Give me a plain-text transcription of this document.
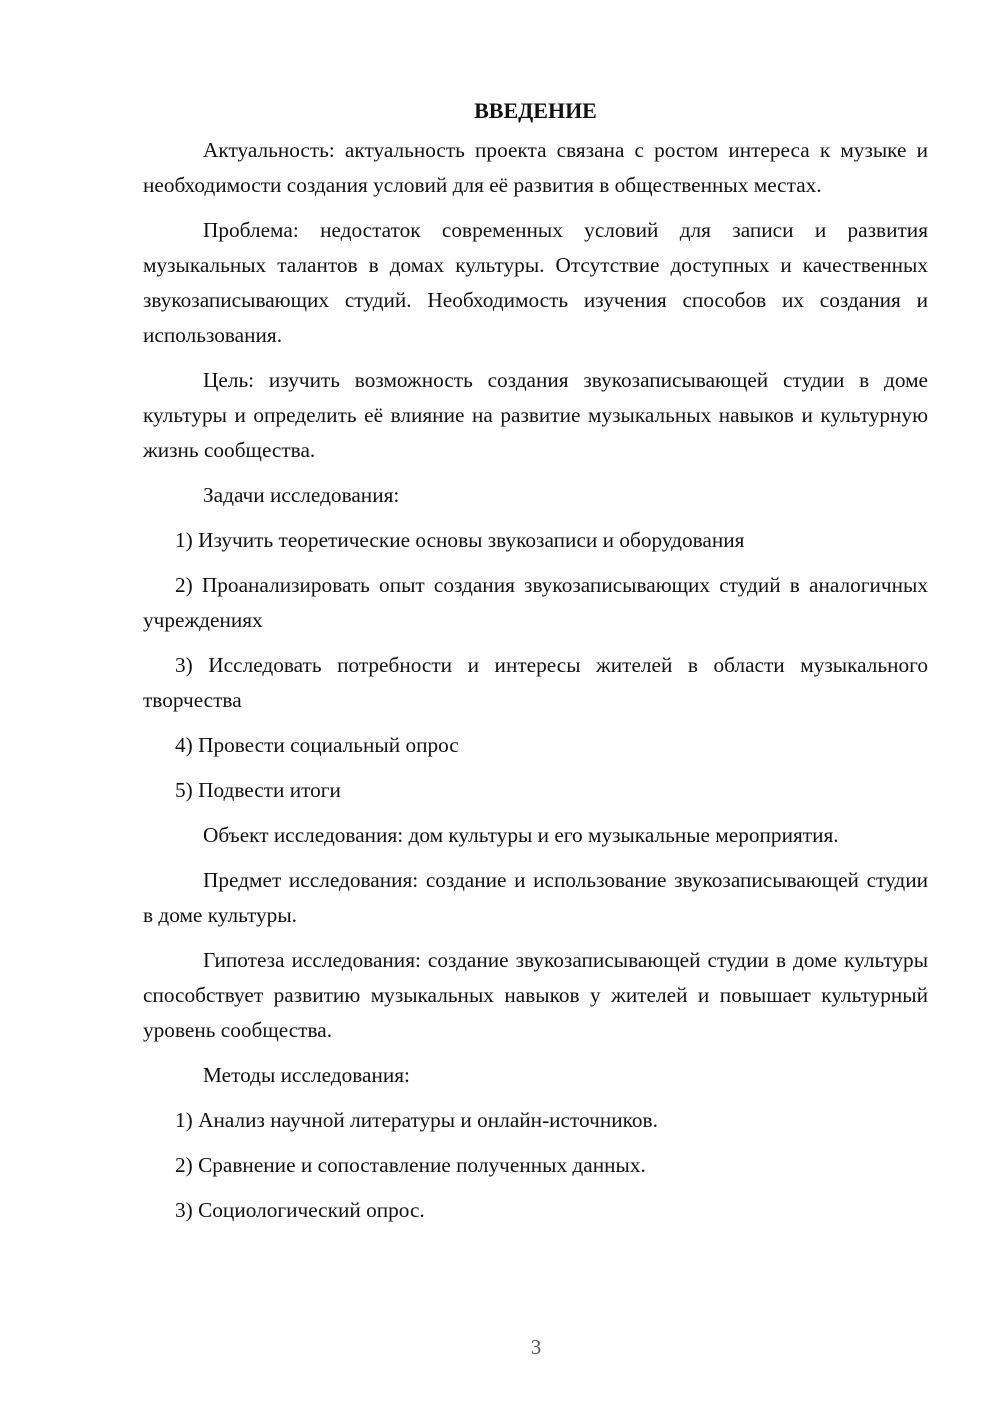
ВВЕДЕНИЕ

Актуальность: актуальность проекта связана с ростом интереса к музыке и необходимости создания условий для её развития в общественных местах.

Проблема: недостаток современных условий для записи и развития музыкальных талантов в домах культуры. Отсутствие доступных и качественных звукозаписывающих студий. Необходимость изучения способов их создания и использования.

Цель: изучить возможность создания звукозаписывающей студии в доме культуры и определить её влияние на развитие музыкальных навыков и культурную жизнь сообщества.

Задачи исследования:

1) Изучить теоретические основы звукозаписи и оборудования

2) Проанализировать опыт создания звукозаписывающих студий в аналогичных учреждениях

3) Исследовать потребности и интересы жителей в области музыкального творчества

4) Провести социальный опрос

5) Подвести итоги

Объект исследования: дом культуры и его музыкальные мероприятия.

Предмет исследования: создание и использование звукозаписывающей студии в доме культуры.

Гипотеза исследования: создание звукозаписывающей студии в доме культуры способствует развитию музыкальных навыков у жителей и повышает культурный уровень сообщества.

Методы исследования:

1) Анализ научной литературы и онлайн-источников.

2) Сравнение и сопоставление полученных данных.

3) Социологический опрос.

3
